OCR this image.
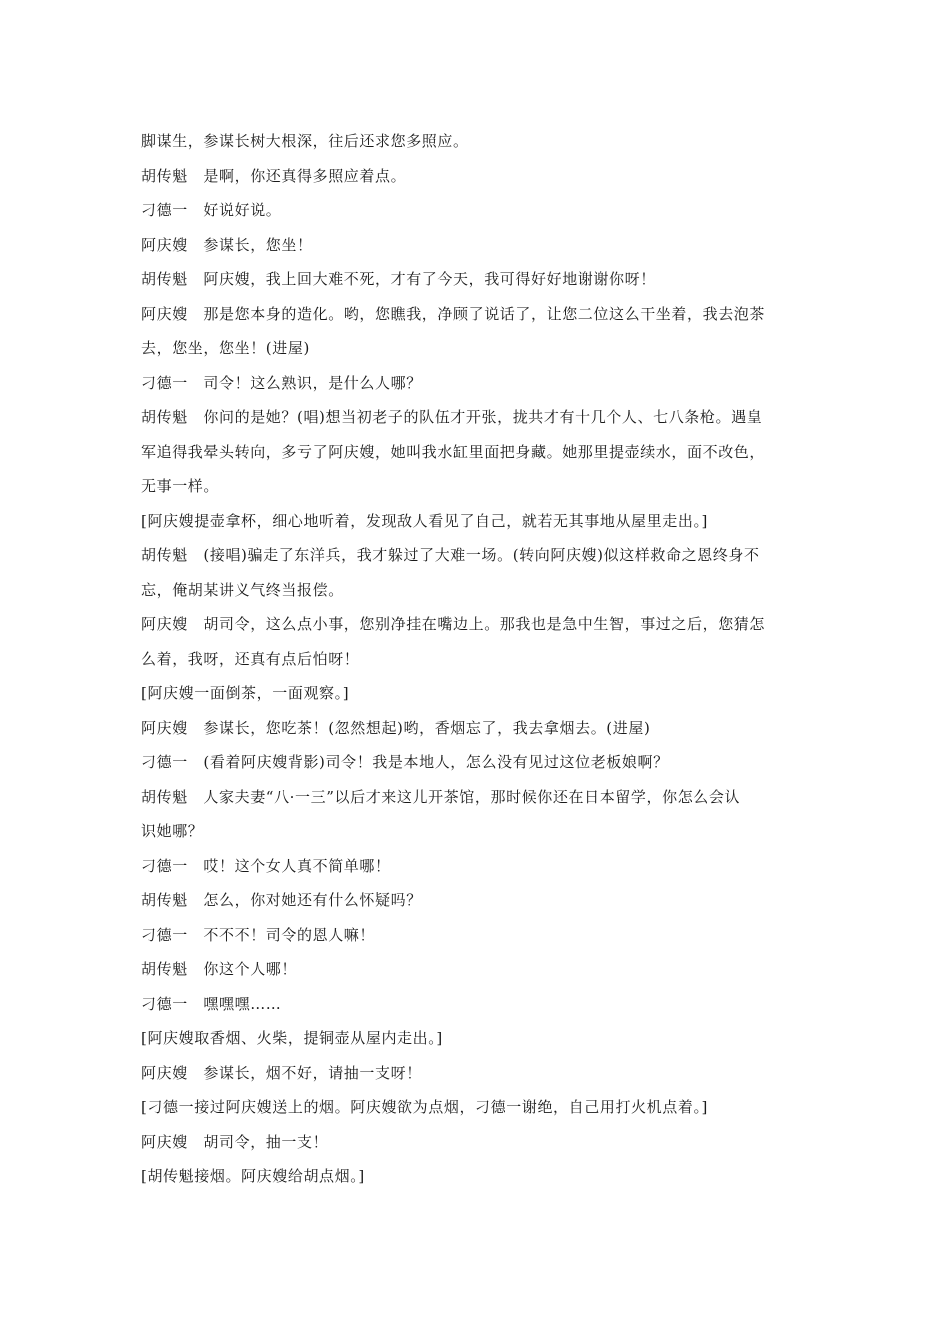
脚谋生，参谋长树大根深，往后还求您多照应。
胡传魁　是啊，你还真得多照应着点。
刁德一　好说好说。
阿庆嫂　参谋长，您坐！
胡传魁　阿庆嫂，我上回大难不死，才有了今天，我可得好好地谢谢你呀！
阿庆嫂　那是您本身的造化。哟，您瞧我，净顾了说话了，让您二位这么干坐着，我去泡茶
去，您坐，您坐！(进屋)
刁德一　司令！这么熟识，是什么人哪？
胡传魁　你问的是她？(唱)想当初老子的队伍才开张，拢共才有十几个人、七八条枪。遇皇
军追得我晕头转向，多亏了阿庆嫂，她叫我水缸里面把身藏。她那里提壶续水，面不改色，
无事一样。
[阿庆嫂提壶拿杯，细心地听着，发现敌人看见了自己，就若无其事地从屋里走出。]
胡传魁　(接唱)骗走了东洋兵，我才躲过了大难一场。(转向阿庆嫂)似这样救命之恩终身不
忘，俺胡某讲义气终当报偿。
阿庆嫂　胡司令，这么点小事，您别净挂在嘴边上。那我也是急中生智，事过之后，您猜怎
么着，我呀，还真有点后怕呀！
[阿庆嫂一面倒茶，一面观察。]
阿庆嫂　参谋长，您吃茶！(忽然想起)哟，香烟忘了，我去拿烟去。(进屋)
刁德一　(看着阿庆嫂背影)司令！我是本地人，怎么没有见过这位老板娘啊？
胡传魁　人家夫妻“八·一三”以后才来这儿开茶馆，那时候你还在日本留学，你怎么会认
识她哪？
刁德一　哎！这个女人真不简单哪！
胡传魁　怎么，你对她还有什么怀疑吗？
刁德一　不不不！司令的恩人嘛！
胡传魁　你这个人哪！
刁德一　嘿嘿嘿……
[阿庆嫂取香烟、火柴，提铜壶从屋内走出。]
阿庆嫂　参谋长，烟不好，请抽一支呀！
[刁德一接过阿庆嫂送上的烟。阿庆嫂欲为点烟，刁德一谢绝，自己用打火机点着。]
阿庆嫂　胡司令，抽一支！
[胡传魁接烟。阿庆嫂给胡点烟。]
